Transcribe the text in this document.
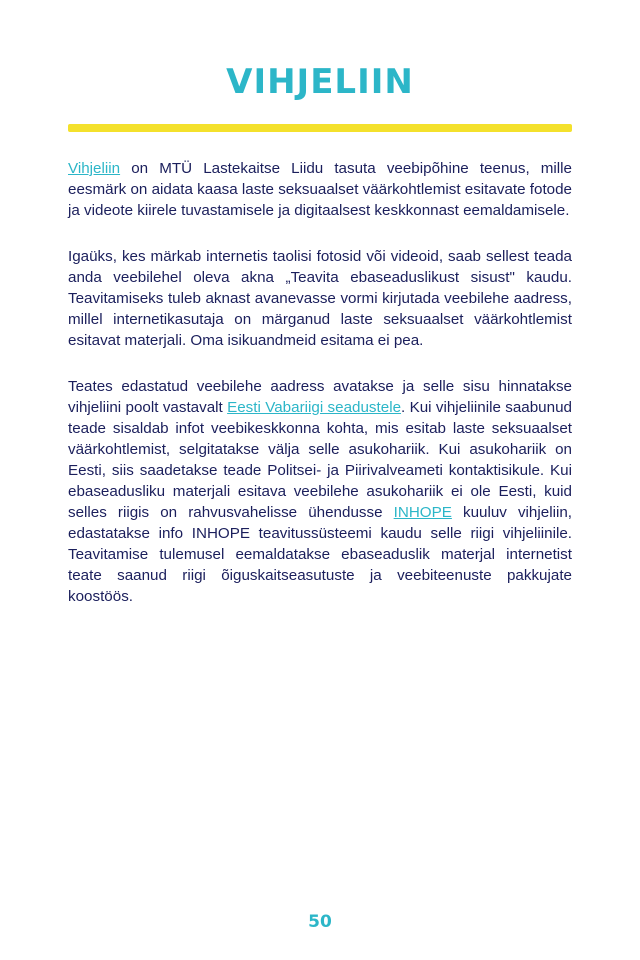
VIHJELIIN

Vihjeliin on MTÜ Lastekaitse Liidu tasuta veebipõhine teenus, mille eesmärk on aidata kaasa laste seksuaalset väärkohtlemist esitavate fotode ja videote kiirele tuvastamisele ja digitaalsest keskkonnast eemaldamisele.

Igaüks, kes märkab internetis taolisi fotosid või videoid, saab sellest teada anda veebilehel oleva akna „Teavita ebaseaduslikust sisust" kaudu. Teavitamiseks tuleb aknast avanevasse vormi kirjutada veebilehe aadress, millel internetikasutaja on märganud laste seksuaalset väärkohtlemist esitavat materjali. Oma isikuandmeid esitama ei pea.

Teates edastatud veebilehe aadress avatakse ja selle sisu hinnatakse vihjeliini poolt vastavalt Eesti Vabariigi seadustele. Kui vihjeliinile saabunud teade sisaldab infot veebikeskkonna kohta, mis esitab laste seksuaalset väärkohtlemist, selgitatakse välja selle asukohariik. Kui asukohariik on Eesti, siis saadetakse teade Politsei- ja Piirivalveameti kontaktisikule. Kui ebaseadusliku materjali esitava veebilehe asukohariik ei ole Eesti, kuid selles riigis on rahvusvahelisse ühendusse INHOPE kuuluv vihjeliin, edastatakse info INHOPE teavitussüsteemi kaudu selle riigi vihjeliinile. Teavitamise tulemusel eemaldatakse ebaseaduslik materjal internetist teate saanud riigi õiguskaitseasutuste ja veebiteenuste pakkujate koostöös.

50
